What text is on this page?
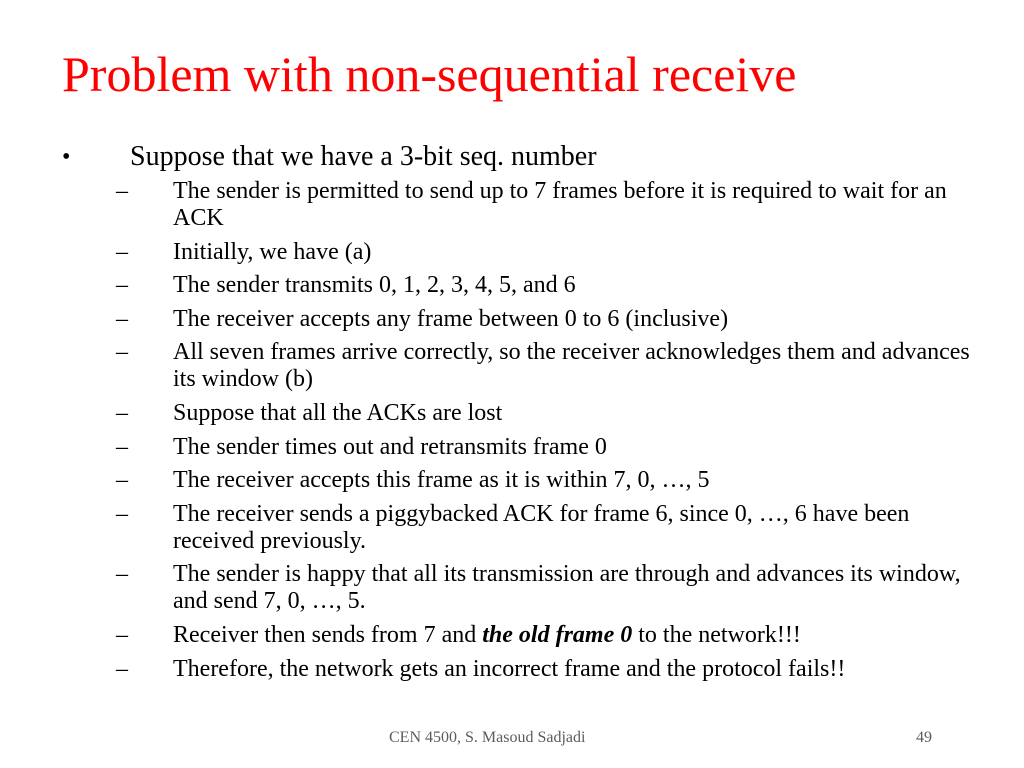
Problem with non-sequential receive
• Suppose that we have a 3-bit seq. number
– The sender is permitted to send up to 7 frames before it is required to wait for an ACK
– Initially, we have (a)
– The sender transmits 0, 1, 2, 3, 4, 5, and 6
– The receiver accepts any frame between 0 to 6 (inclusive)
– All seven frames arrive correctly, so the receiver acknowledges them and advances its window (b)
– Suppose that all the ACKs are lost
– The sender times out and retransmits frame 0
– The receiver accepts this frame as it is within 7, 0, …, 5
– The receiver sends a piggybacked ACK for frame 6, since 0, …, 6 have been received previously.
– The sender is happy that all its transmission are through and advances its window, and send 7, 0, …, 5.
– Receiver then sends from 7 and the old frame 0 to the network!!!
– Therefore, the network gets an incorrect frame and the protocol fails!!
CEN 4500, S. Masoud Sadjadi	49
